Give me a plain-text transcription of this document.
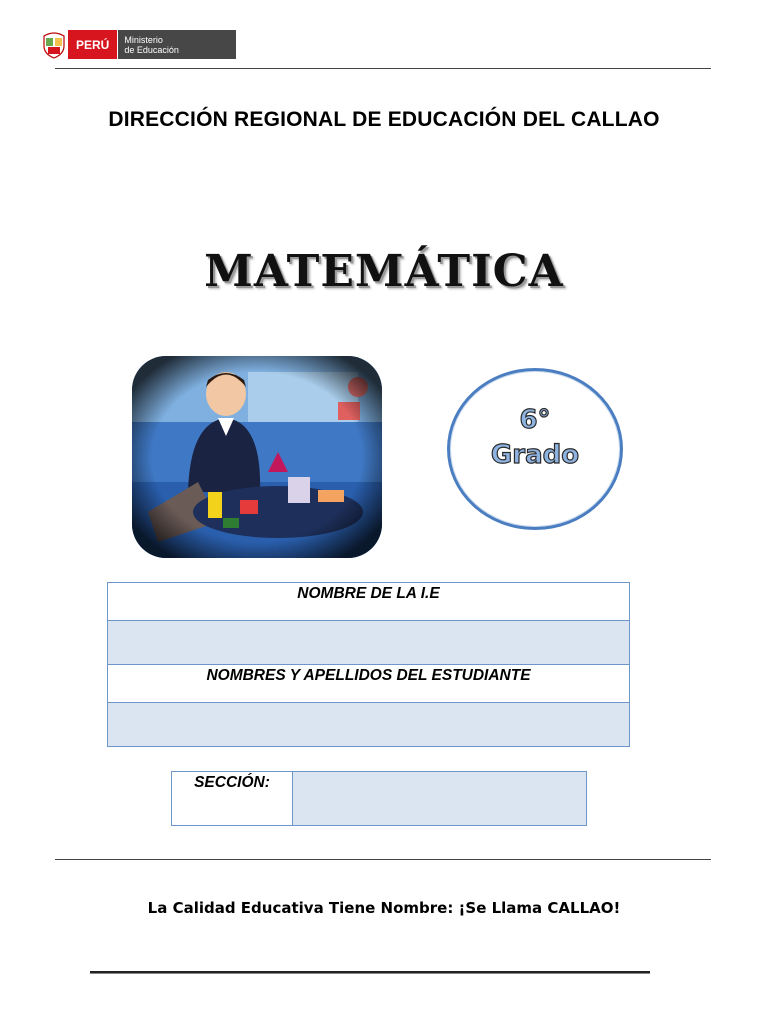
PERÚ	Ministerio
de Educación
DIRECCIÓN REGIONAL DE EDUCACIÓN DEL CALLAO
MATEMÁTICA
6°
Grado
NOMBRE DE LA I.E

NOMBRES Y APELLIDOS DEL ESTUDIANTE

SECCIÓN:	
La Calidad Educativa Tiene Nombre: ¡Se Llama CALLAO!
